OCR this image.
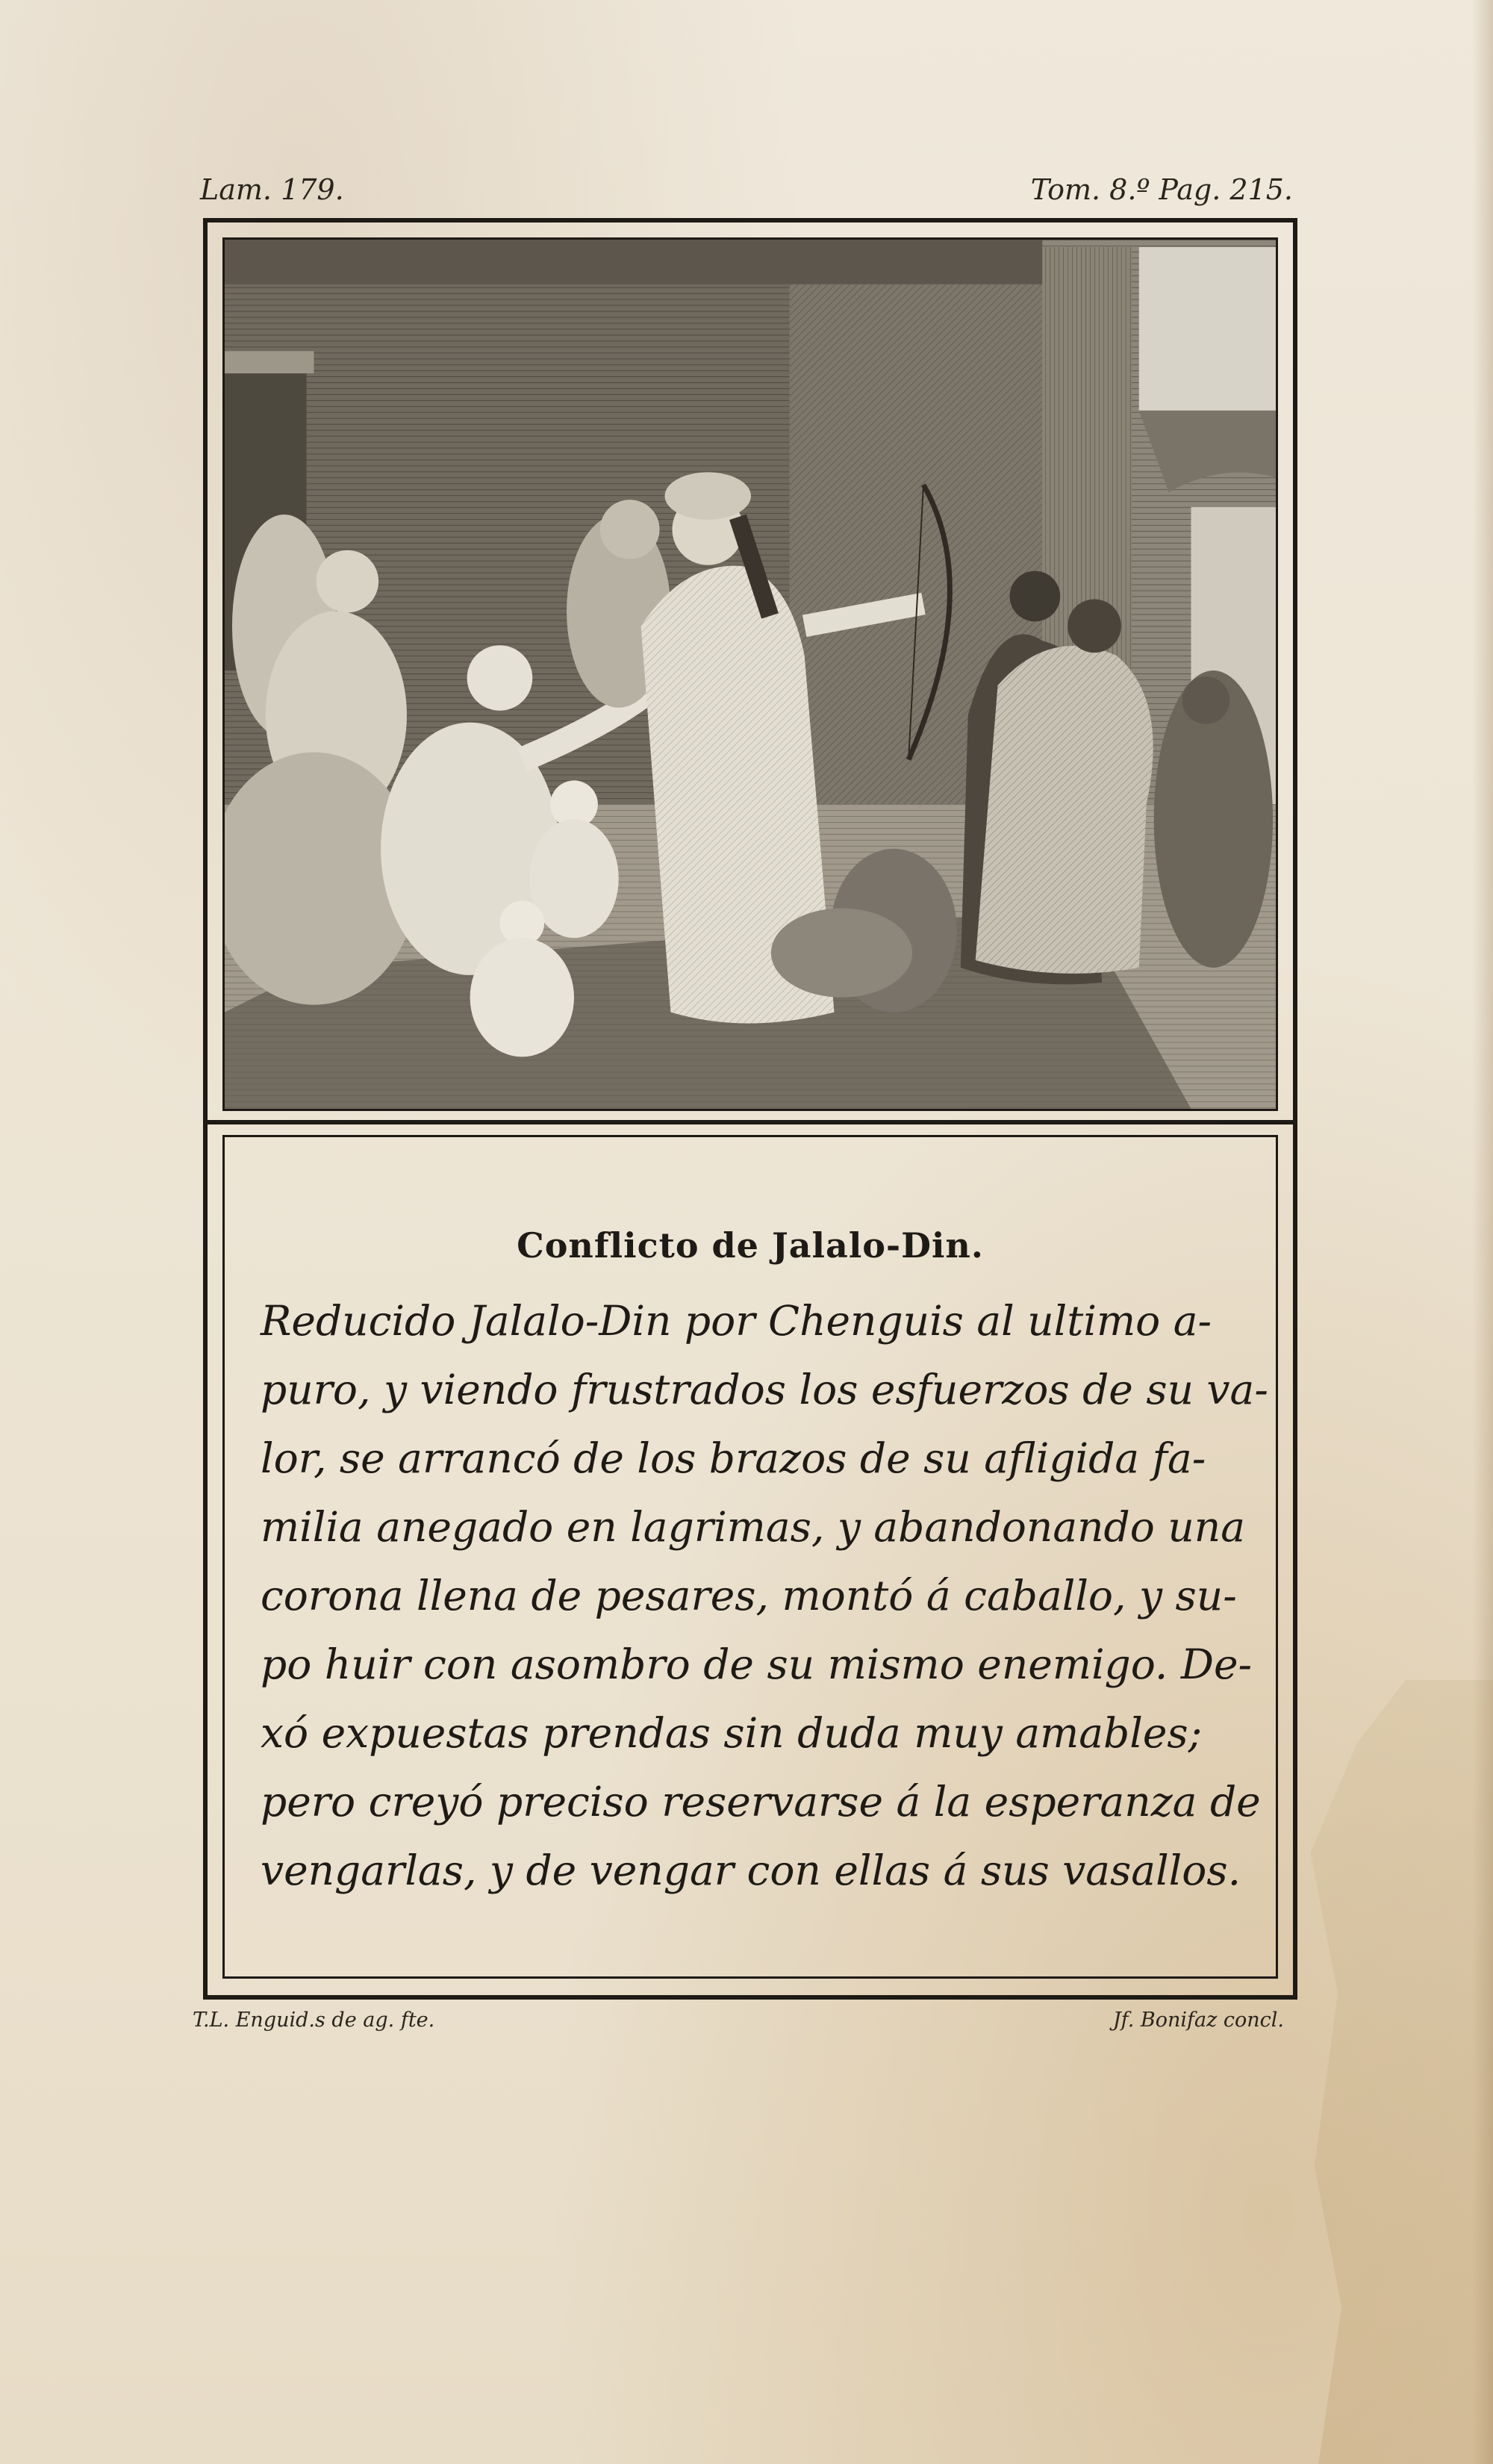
Lam. 179.	Tom. 8.º Pag. 215.
Conflicto de Jalalo-Din.
Reducido Jalalo-Din por Chenguis al ultimo a-
puro, y viendo frustrados los esfuerzos de su va-
lor, se arrancó de los brazos de su afligida fa-
milia anegado en lagrimas, y abandonando una
corona llena de pesares, montó á caballo, y su-
po huir con asombro de su mismo enemigo. De-
xó expuestas prendas sin duda muy amables;
pero creyó preciso reservarse á la esperanza de
vengarlas, y de vengar con ellas á sus vasallos.
T.L. Enguid.s de ag. fte.	Jf. Bonifaz concl.
